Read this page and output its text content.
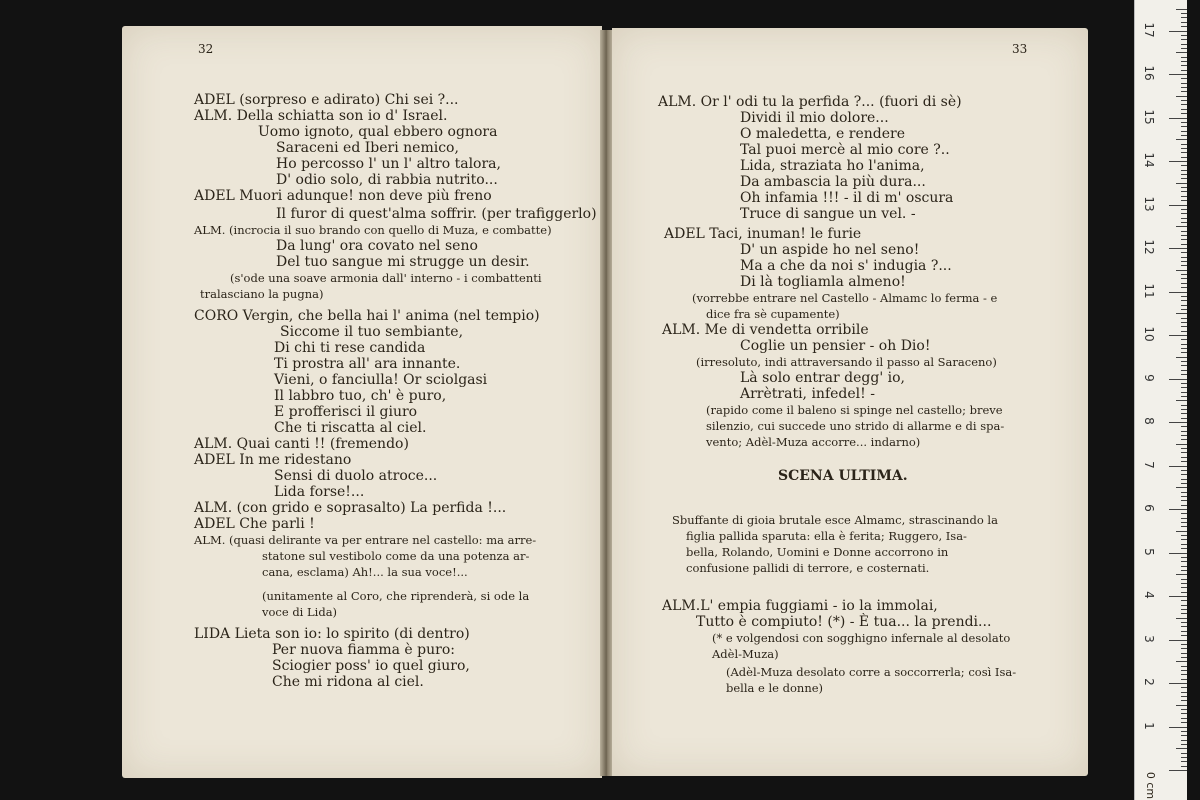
ADEL (sorpreso e adirato) Chi sei ?...
ALM. Della schiatta son io d' Israel.
Uomo ignoto, qual ebbero ognora
Saraceni ed Iberi nemico,
Ho percosso l' un l' altro talora,
D' odio solo, di rabbia nutrito...
ADEL Muori adunque! non deve più freno
Il furor di quest'alma soffrir. (per trafiggerlo)
ALM. (incrocia il suo brando con quello di Muza, e combatte)
Da lung' ora covato nel seno
Del tuo sangue mi strugge un desir.
(s'ode una soave armonia dall' interno - i combattenti
tralasciano la pugna)
CORO Vergin, che bella hai l' anima (nel tempio)
Siccome il tuo sembiante,
Di chi ti rese candida
Ti prostra all' ara innante.
Vieni, o fanciulla! Or sciolgasi
Il labbro tuo, ch' è puro,
E profferisci il giuro
Che ti riscatta al ciel.
ALM. Quai canti !! (fremendo)
ADEL In me ridestano
Sensi di duolo atroce...
Lida forse!...
ALM. (con grido e soprasalto) La perfida !...
ADEL Che parli !
ALM. (quasi delirante va per entrare nel castello: ma arre-
statone sul vestibolo come da una potenza ar-
cana, esclama) Ah!... la sua voce!...
(unitamente al Coro, che riprenderà, si ode la
voce di Lida)
LIDA Lieta son io: lo spirito (di dentro)
Per nuova fiamma è puro:
Sciogier poss' io quel giuro,
Che mi ridona al ciel.
ALM. Or l' odi tu la perfida ?... (fuori di sè)
Dividi il mio dolore...
O maledetta, e rendere
Tal puoi mercè al mio core ?..
Lida, straziata ho l'anima,
Da ambascia la più dura...
Oh infamia !!! - il di m' oscura
Truce di sangue un vel. -
ADEL Taci, inuman! le furie
D' un aspide ho nel seno!
Ma a che da noi s' indugia ?...
Di là togliamla almeno!
(vorrebbe entrare nel Castello - Almamc lo ferma - e
dice fra sè cupamente)
ALM. Me di vendetta orribile
Coglie un pensier - oh Dio!
(irresoluto, indi attraversando il passo al Saraceno)
Là solo entrar degg' io,
Arrètrati, infedel! -
(rapido come il baleno si spinge nel castello; breve
silenzio, cui succede uno strido di allarme e di spa-
vento; Adèl-Muza accorre... indarno)
SCENA ULTIMA.
Sbuffante di gioia brutale esce Almamc, strascinando la
figlia pallida sparuta: ella è ferita; Ruggero, Isa-
bella, Rolando, Uomini e Donne accorrono in
confusione pallidi di terrore, e costernati.
ALM.L' empia fuggiami - io la immolai,
Tutto è compiuto! (*) - È tua... la prendi...
(* e volgendosi con sogghigno infernale al desolato
Adèl-Muza)
(Adèl-Muza desolato corre a soccorrerla; così Isa-
bella e le donne)
32	33
1
2
3
4
5
6
7
8
9
10
11
12
13
14
15
16
17
0 cm
